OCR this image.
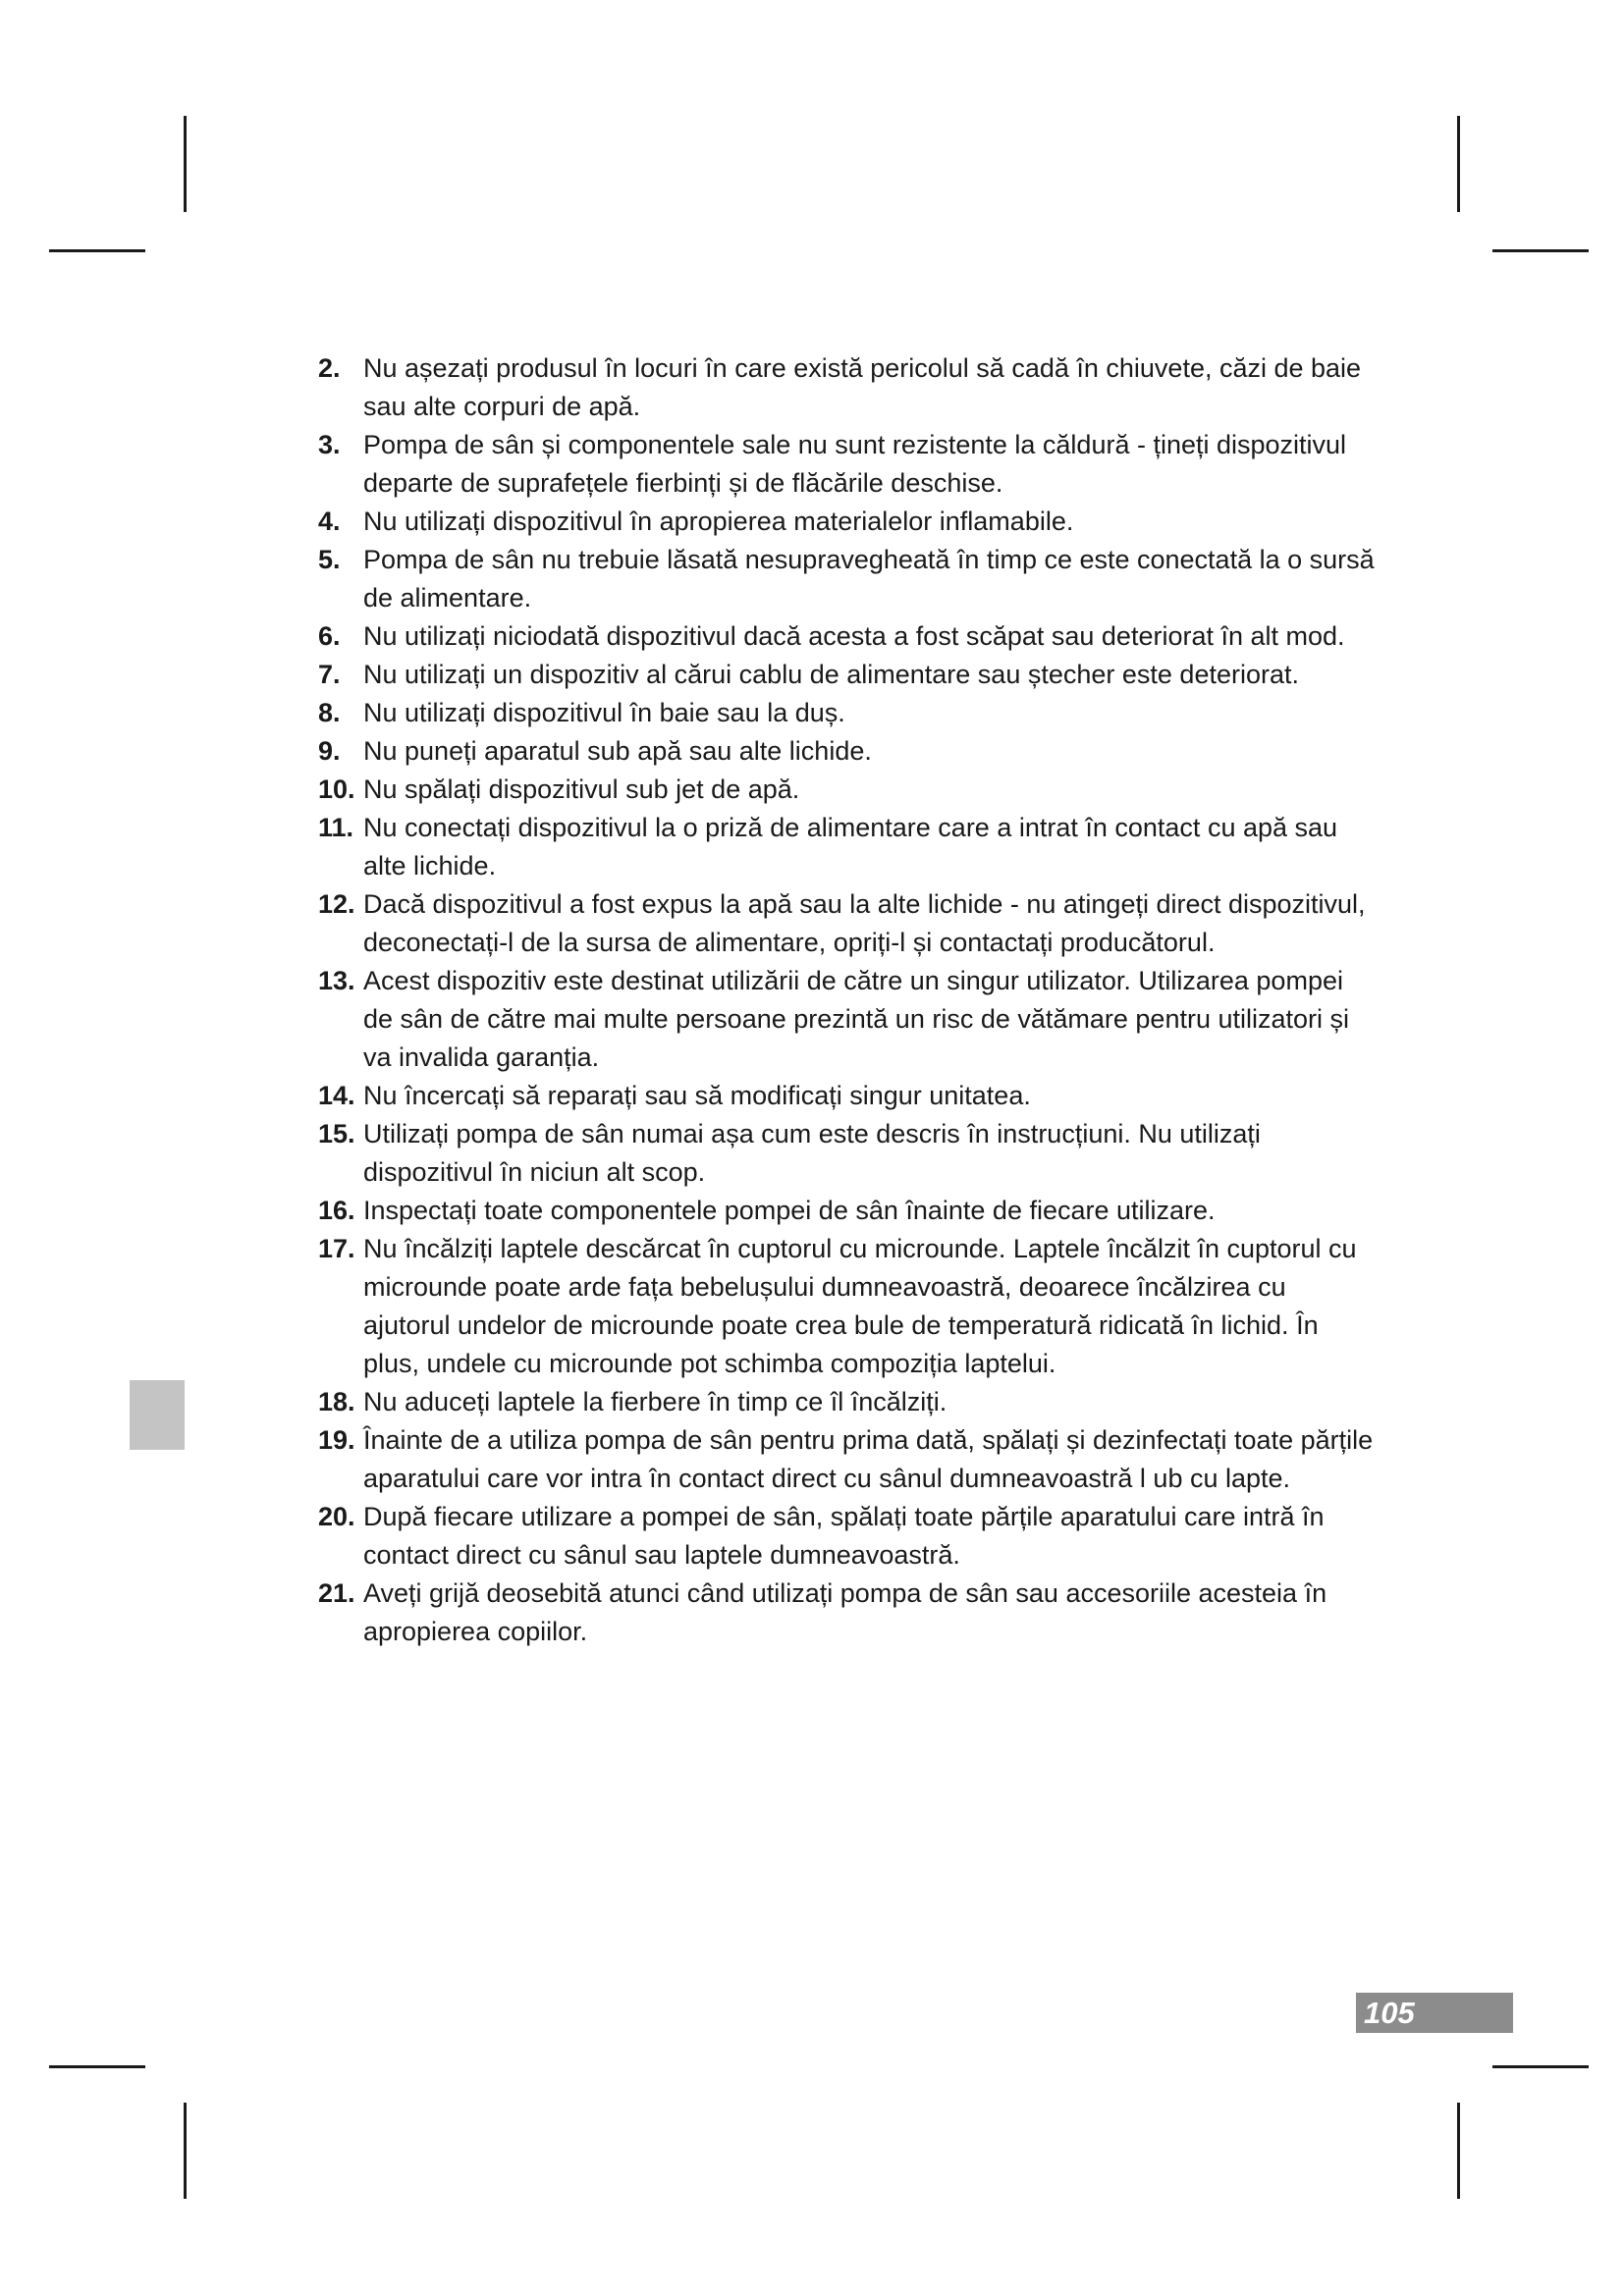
2. Nu așezați produsul în locuri în care există pericolul să cadă în chiuvete, căzi de baie sau alte corpuri de apă.
3. Pompa de sân și componentele sale nu sunt rezistente la căldură - țineți dispozitivul departe de suprafețele fierbinți și de flăcările deschise.
4. Nu utilizați dispozitivul în apropierea materialelor inflamabile.
5. Pompa de sân nu trebuie lăsată nesupravegheată în timp ce este conectată la o sursă de alimentare.
6. Nu utilizați niciodată dispozitivul dacă acesta a fost scăpat sau deteriorat în alt mod.
7. Nu utilizați un dispozitiv al cărui cablu de alimentare sau ștecher este deteriorat.
8. Nu utilizați dispozitivul în baie sau la duș.
9. Nu puneți aparatul sub apă sau alte lichide.
10. Nu spălați dispozitivul sub jet de apă.
11. Nu conectați dispozitivul la o priză de alimentare care a intrat în contact cu apă sau alte lichide.
12. Dacă dispozitivul a fost expus la apă sau la alte lichide - nu atingeți direct dispozitivul, deconectați-l de la sursa de alimentare, opriți-l și contactați producătorul.
13. Acest dispozitiv este destinat utilizării de către un singur utilizator. Utilizarea pompei de sân de către mai multe persoane prezintă un risc de vătămare pentru utilizatori și va invalida garanția.
14. Nu încercați să reparați sau să modificați singur unitatea.
15. Utilizați pompa de sân numai așa cum este descris în instrucțiuni. Nu utilizați dispozitivul în niciun alt scop.
16. Inspectați toate componentele pompei de sân înainte de fiecare utilizare.
17. Nu încălziți laptele descărcat în cuptorul cu microunde. Laptele încălzit în cuptorul cu microunde poate arde fața bebelușului dumneavoastră, deoarece încălzirea cu ajutorul undelor de microunde poate crea bule de temperatură ridicată în lichid. În plus, undele cu microunde pot schimba compoziția laptelui.
18. Nu aduceți laptele la fierbere în timp ce îl încălziți.
19. Înainte de a utiliza pompa de sân pentru prima dată, spălați și dezinfectați toate părțile aparatului care vor intra în contact direct cu sânul dumneavoastră l ub cu lapte.
20. După fiecare utilizare a pompei de sân, spălați toate părțile aparatului care intră în contact direct cu sânul sau laptele dumneavoastră.
21. Aveți grijă deosebită atunci când utilizați pompa de sân sau accesoriile acesteia în apropierea copiilor.
105
